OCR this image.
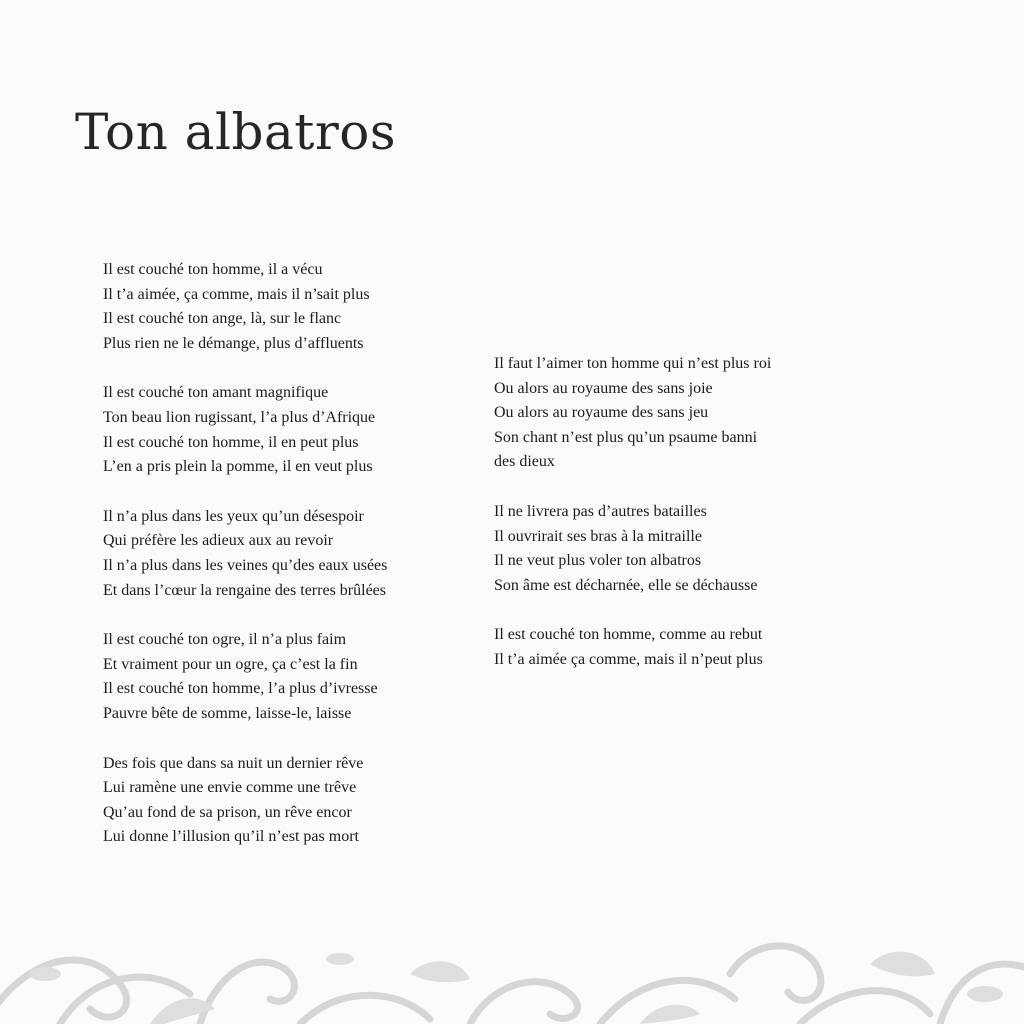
Ton albatros
Il est couché ton homme, il a vécu
Il t’a aimée, ça comme, mais il n’sait plus
Il est couché ton ange, là, sur le flanc
Plus rien ne le démange, plus d’affluents
Il est couché ton amant magnifique
Ton beau lion rugissant, l’a plus d’Afrique
Il est couché ton homme, il en peut plus
L’en a pris plein la pomme, il en veut plus
Il n’a plus dans les yeux qu’un désespoir
Qui préfère les adieux aux au revoir
Il n’a plus dans les veines qu’des eaux usées
Et dans l’cœur la rengaine des terres brûlées
Il est couché ton ogre, il n’a plus faim
Et vraiment pour un ogre, ça c’est la fin
Il est couché ton homme, l’a plus d’ivresse
Pauvre bête de somme, laisse-le, laisse
Des fois que dans sa nuit un dernier rêve
Lui ramène une envie comme une trêve
Qu’au fond de sa prison, un rêve encor
Lui donne l’illusion qu’il n’est pas mort
Il faut l’aimer ton homme qui n’est plus roi
Ou alors au royaume des sans joie
Ou alors au royaume des sans jeu
Son chant n’est plus qu’un psaume banni
des dieux
Il ne livrera pas d’autres batailles
Il ouvrirait ses bras à la mitraille
Il ne veut plus voler ton albatros
Son âme est décharnée, elle se déchausse
Il est couché ton homme, comme au rebut
Il t’a aimée ça comme, mais il n’peut plus
